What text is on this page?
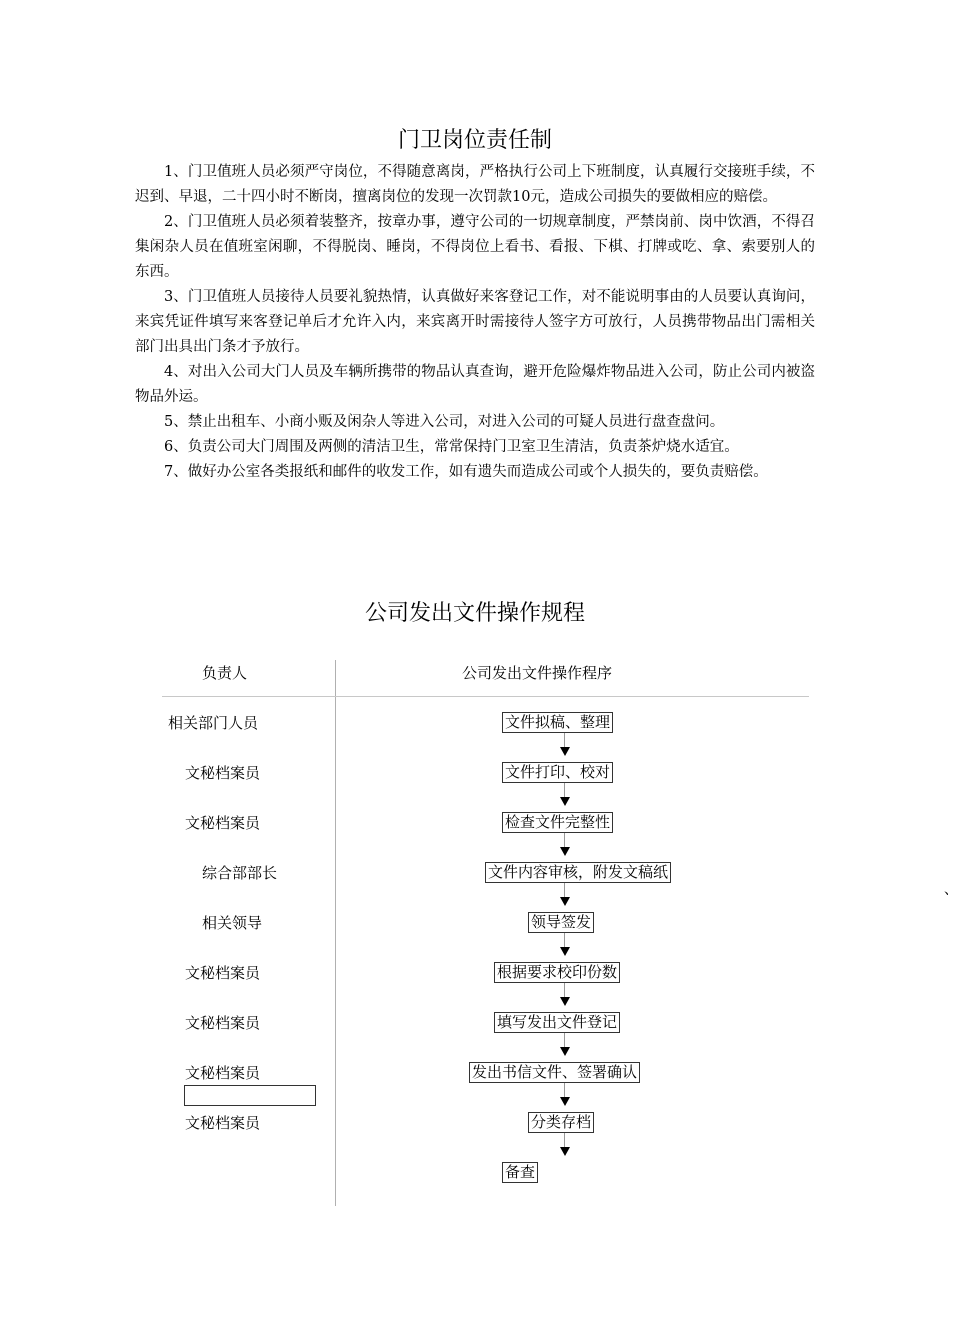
门卫岗位责任制

1、门卫值班人员必须严守岗位，不得随意离岗，严格执行公司上下班制度，认真履行交接班手续，不迟到、早退，二十四小时不断岗，擅离岗位的发现一次罚款10元，造成公司损失的要做相应的赔偿。

2、门卫值班人员必须着装整齐，按章办事，遵守公司的一切规章制度，严禁岗前、岗中饮酒，不得召集闲杂人员在值班室闲聊，不得脱岗、睡岗，不得岗位上看书、看报、下棋、打牌或吃、拿、索要别人的东西。

3、门卫值班人员接待人员要礼貌热情，认真做好来客登记工作，对不能说明事由的人员要认真询问，来宾凭证件填写来客登记单后才允许入内，来宾离开时需接待人签字方可放行，人员携带物品出门需相关部门出具出门条才予放行。

4、对出入公司大门人员及车辆所携带的物品认真查询，避开危险爆炸物品进入公司，防止公司内被盗物品外运。

5、禁止出租车、小商小贩及闲杂人等进入公司，对进入公司的可疑人员进行盘查盘问。

6、负责公司大门周围及两侧的清洁卫生，常常保持门卫室卫生清洁，负责茶炉烧水适宜。

7、做好办公室各类报纸和邮件的收发工作，如有遗失而造成公司或个人损失的，要负责赔偿。

公司发出文件操作规程
负责人	公司发出文件操作程序
相关部门人员
文秘档案员
文秘档案员
综合部部长
相关领导
文秘档案员
文秘档案员
文秘档案员
文秘档案员
文件拟稿、整理
文件打印、校对
检查文件完整性
文件内容审核，附发文稿纸
领导签发
根据要求校印份数
填写发出文件登记
发出书信文件、签署确认
分类存档
备查
、
